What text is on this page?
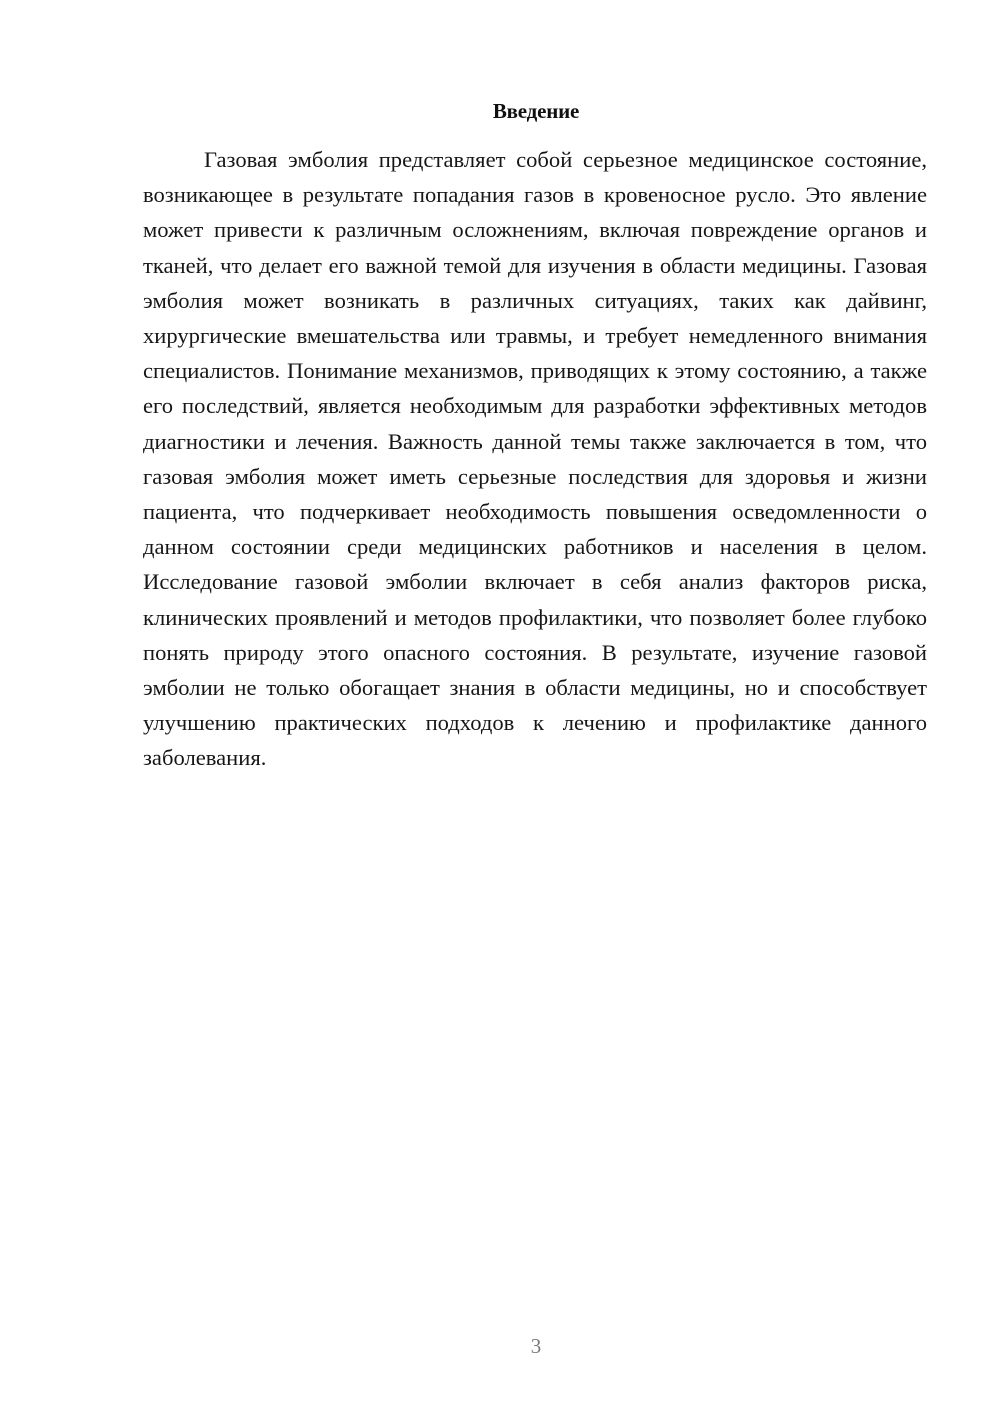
Введение

Газовая эмболия представляет собой серьезное медицинское состояние, возникающее в результате попадания газов в кровеносное русло. Это явление может привести к различным осложнениям, включая повреждение органов и тканей, что делает его важной темой для изучения в области медицины. Газовая эмболия может возникать в различных ситуациях, таких как дайвинг, хирургические вмешательства или травмы, и требует немедленного внимания специалистов. Понимание механизмов, приводящих к этому состоянию, а также его последствий, является необходимым для разработки эффективных методов диагностики и лечения. Важность данной темы также заключается в том, что газовая эмболия может иметь серьезные последствия для здоровья и жизни пациента, что подчеркивает необходимость повышения осведомленности о данном состоянии среди медицинских работников и населения в целом. Исследование газовой эмболии включает в себя анализ факторов риска, клинических проявлений и методов профилактики, что позволяет более глубоко понять природу этого опасного состояния. В результате, изучение газовой эмболии не только обогащает знания в области медицины, но и способствует улучшению практических подходов к лечению и профилактике данного заболевания.

3
